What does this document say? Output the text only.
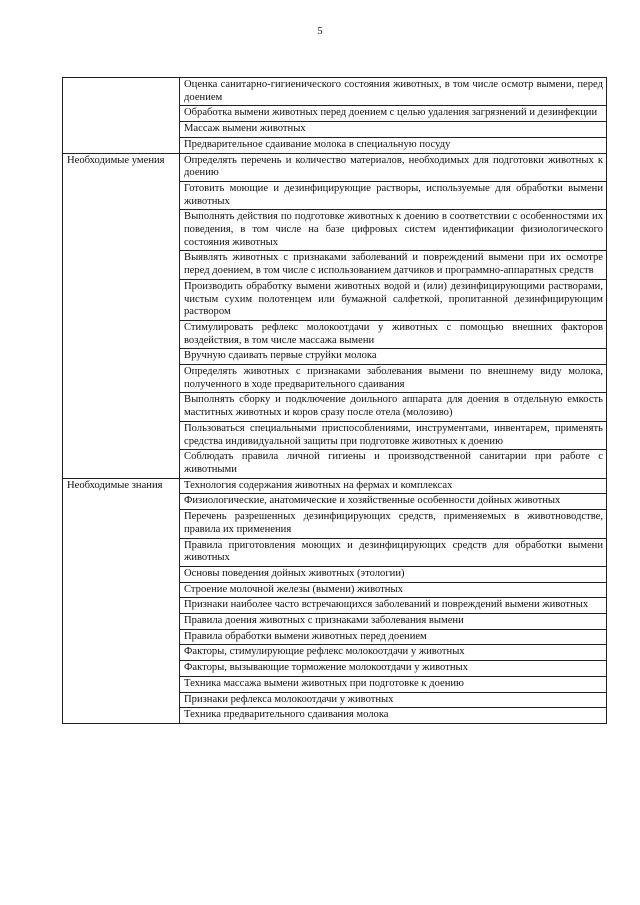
5
	Оценка санитарно-гигиенического состояния животных, в том числе осмотр вымени, перед доением
	Обработка вымени животных перед доением с целью удаления загрязнений и дезинфекции
	Массаж вымени животных
	Предварительное сдаивание молока в специальную посуду
Необходимые умения	Определять перечень и количество материалов, необходимых для подготовки животных к доению
	Готовить моющие и дезинфицирующие растворы, используемые для обработки вымени животных
	Выполнять действия по подготовке животных к доению в соответствии с особенностями их поведения, в том числе на базе цифровых систем идентификации физиологического состояния животных
	Выявлять животных с признаками заболеваний и повреждений вымени при их осмотре перед доением, в том числе с использованием датчиков и программно-аппаратных средств
	Производить обработку вымени животных водой и (или) дезинфицирующими растворами, чистым сухим полотенцем или бумажной салфеткой, пропитанной дезинфицирующим раствором
	Стимулировать рефлекс молокоотдачи у животных с помощью внешних факторов воздействия, в том числе массажа вымени
	Вручную сдаивать первые струйки молока
	Определять животных с признаками заболевания вымени по внешнему виду молока, полученного в ходе предварительного сдаивания
	Выполнять сборку и подключение доильного аппарата для доения в отдельную емкость маститных животных и коров сразу после отела (молозиво)
	Пользоваться специальными приспособлениями, инструментами, инвентарем, применять средства индивидуальной защиты при подготовке животных к доению
	Соблюдать правила личной гигиены и производственной санитарии при работе с животными
Необходимые знания	Технология содержания животных на фермах и комплексах
	Физиологические, анатомические и хозяйственные особенности дойных животных
	Перечень разрешенных дезинфицирующих средств, применяемых в животноводстве, правила их применения
	Правила приготовления моющих и дезинфицирующих средств для обработки вымени животных
	Основы поведения дойных животных (этологии)
	Строение молочной железы (вымени) животных
	Признаки наиболее часто встречающихся заболеваний и повреждений вымени животных
	Правила доения животных с признаками заболевания вымени
	Правила обработки вымени животных перед доением
	Факторы, стимулирующие рефлекс молокоотдачи у животных
	Факторы, вызывающие торможение молокоотдачи у животных
	Техника массажа вымени животных при подготовке к доению
	Признаки рефлекса молокоотдачи у животных
	Техника предварительного сдаивания молока
